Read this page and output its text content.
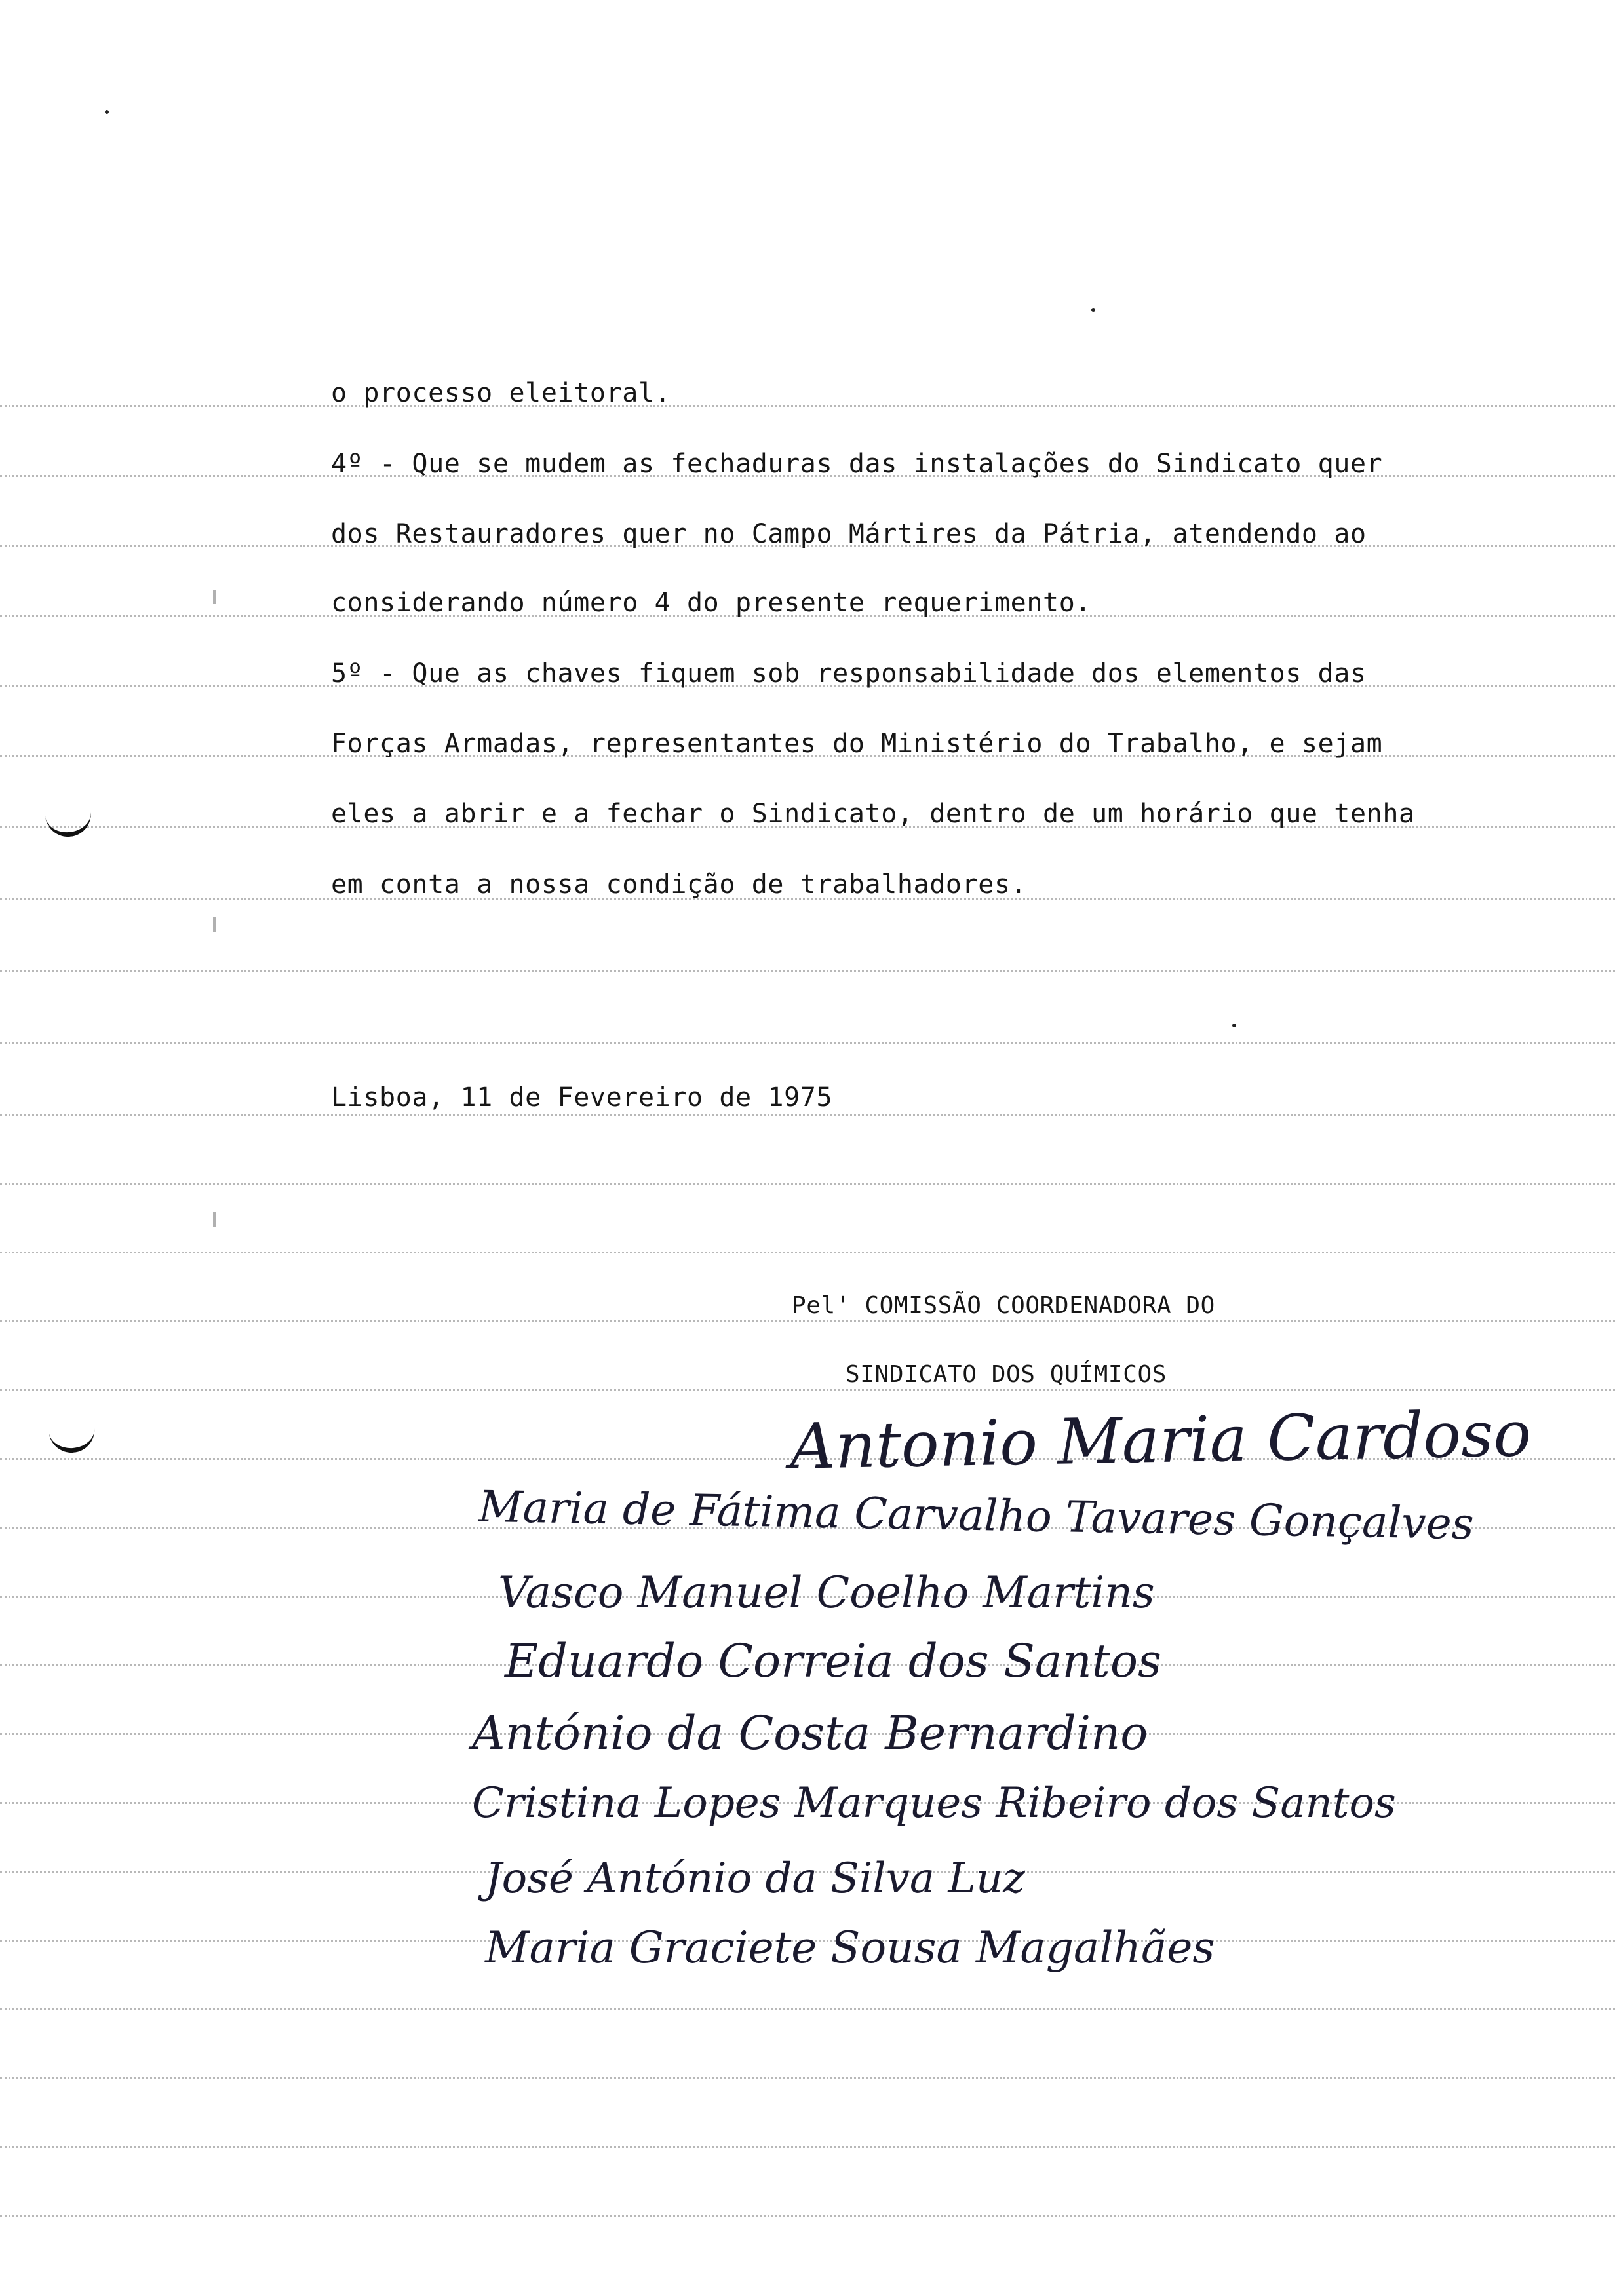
o processo eleitoral.
4º - Que se mudem as fechaduras das instalações do Sindicato quer
dos Restauradores quer no Campo Mártires da Pátria, atendendo ao
considerando número 4 do presente requerimento.
5º - Que as chaves fiquem sob responsabilidade dos elementos das
Forças Armadas, representantes do Ministério do Trabalho, e sejam
eles a abrir e a fechar o Sindicato, dentro de um horário que tenha
em conta a nossa condição de trabalhadores.
Lisboa, 11 de Fevereiro de 1975
Pel' COMISSÃO COORDENADORA DO
SINDICATO DOS QUÍMICOS
Antonio Maria Cardoso
Maria de Fátima Carvalho Tavares Gonçalves
Vasco Manuel Coelho Martins
Eduardo Correia dos Santos
António da Costa Bernardino
Cristina Lopes Marques Ribeiro dos Santos
José António da Silva Luz
Maria Graciete Sousa Magalhães
